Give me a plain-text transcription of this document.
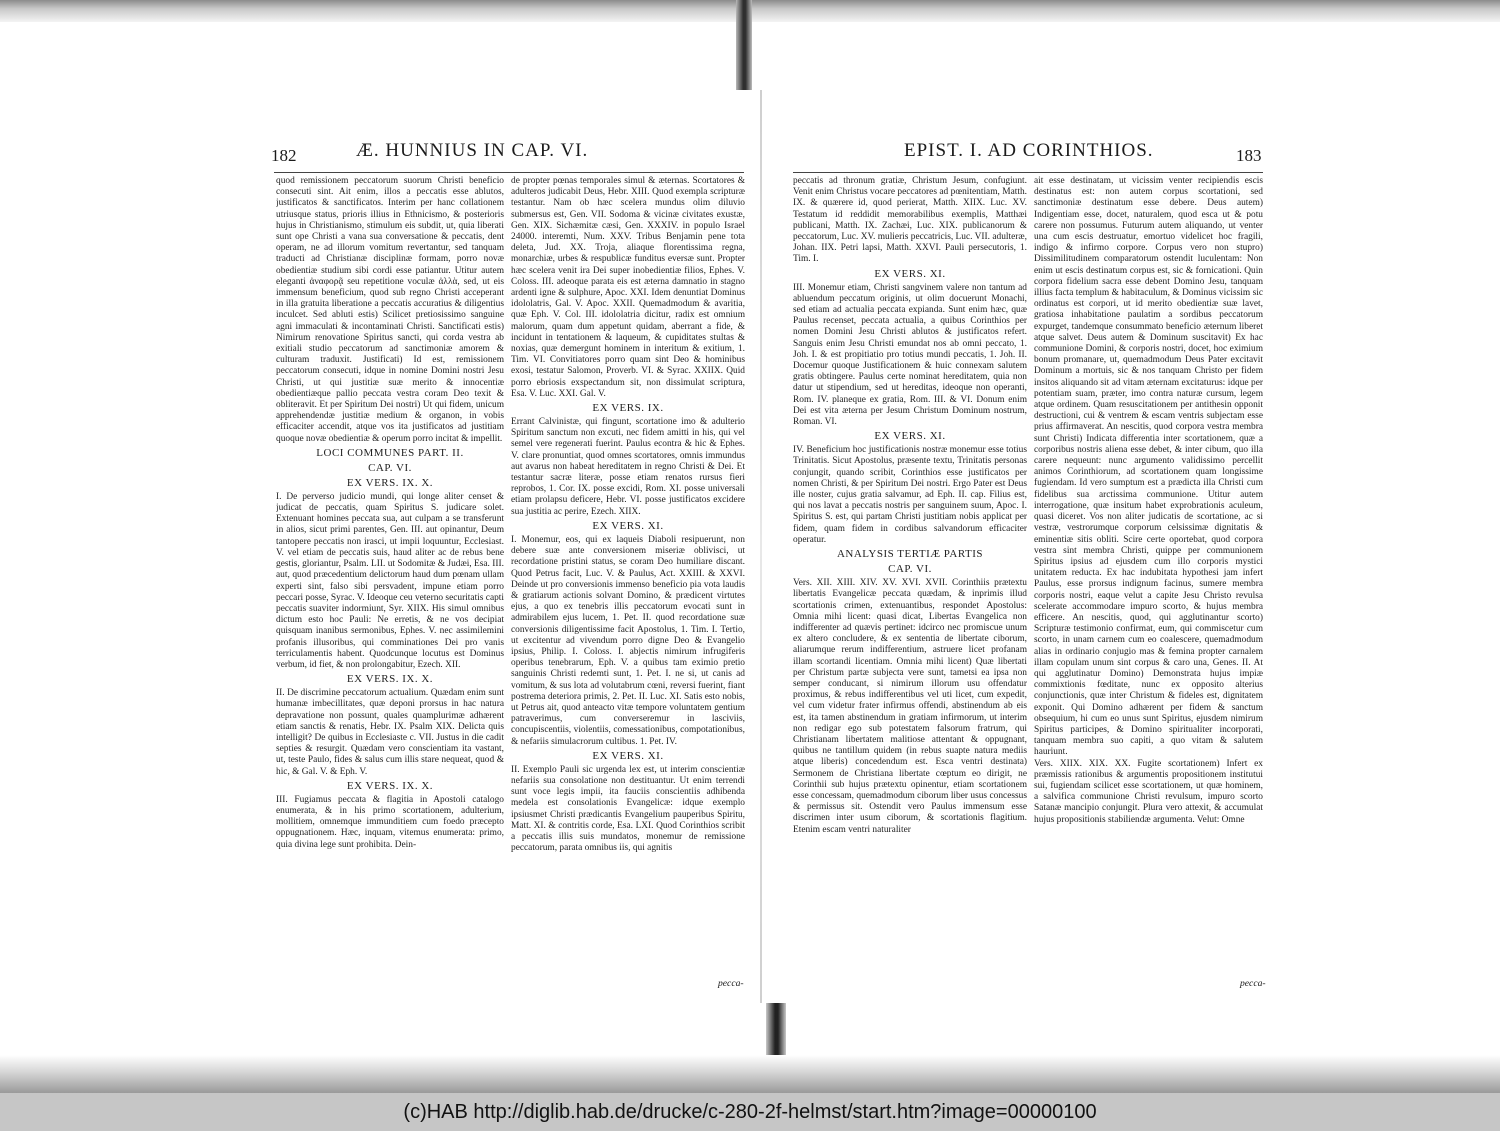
182	Æ. HUNNIUS IN CAP. VI.

quod remissionem peccatorum suorum Christi beneficio consecuti sint. Ait enim, illos a peccatis esse ablutos, justificatos & sanctificatos. Interim per hanc collationem utriusque status, prioris illius in Ethnicismo, & posterioris hujus in Christianismo, stimulum eis subdit, ut, quia liberati sunt ope Christi a vana sua conversatione & peccatis, dent operam, ne ad illorum vomitum revertantur, sed tanquam traducti ad Christianæ disciplinæ formam, porro novæ obedientiæ studium sibi cordi esse patiantur. Utitur autem eleganti ἀναφορᾷ seu repetitione voculæ ἀλλὰ, sed, ut eis immensum beneficium, quod sub regno Christi acceperant in illa gratuita liberatione a peccatis accuratius & diligentius inculcet. Sed abluti estis) Scilicet pretiosissimo sanguine agni immaculati & incontaminati Christi. Sanctificati estis) Nimirum renovatione Spiritus sancti, qui corda vestra ab exitiali studio peccatorum ad sanctimoniæ amorem & culturam traduxit. Justificati) Id est, remissionem peccatorum consecuti, idque in nomine Domini nostri Jesu Christi, ut qui justitiæ suæ merito & innocentiæ obedientiæque pallio peccata vestra coram Deo texit & obliteravit. Et per Spiritum Dei nostri) Ut qui fidem, unicum apprehendendæ justitiæ medium & organon, in vobis efficaciter accendit, atque vos ita justificatos ad justitiam quoque novæ obedientiæ & operum porro incitat & impellit.

LOCI COMMUNES PART. II.
CAP. VI.
EX VERS. IX. X.

I. De perverso judicio mundi, qui longe aliter censet & judicat de peccatis, quam Spiritus S. judicare solet. Extenuant homines peccata sua, aut culpam a se transferunt in alios, sicut primi parentes, Gen. III. aut opinantur, Deum tantopere peccatis non irasci, ut impii loquuntur, Ecclesiast. V. vel etiam de peccatis suis, haud aliter ac de rebus bene gestis, gloriantur, Psalm. LII. ut Sodomitæ & Judæi, Esa. III. aut, quod præcedentium delictorum haud dum pœnam ullam experti sint, falso sibi persvadent, impune etiam porro peccari posse, Syrac. V. Ideoque ceu veterno securitatis capti peccatis suaviter indormiunt, Syr. XIIX. His simul omnibus dictum esto hoc Pauli: Ne erretis, & ne vos decipiat quisquam inanibus sermonibus, Ephes. V. nec assimilemini profanis illusoribus, qui comminationes Dei pro vanis terriculamentis habent. Quodcunque locutus est Dominus verbum, id fiet, & non prolongabitur, Ezech. XII.

EX VERS. IX. X.

II. De discrimine peccatorum actualium. Quædam enim sunt humanæ imbecillitates, quæ deponi prorsus in hac natura depravatione non possunt, quales quamplurimæ adhærent etiam sanctis & renatis, Hebr. IX. Psalm XIX. Delicta quis intelligit? De quibus in Ecclesiaste c. VII. Justus in die cadit septies & resurgit. Quædam vero conscientiam ita vastant, ut, teste Paulo, fides & salus cum illis stare nequeat, quod & hic, & Gal. V. & Eph. V.

EX VERS. IX. X.

III. Fugiamus peccata & flagitia in Apostoli catalogo enumerata, & in his primo scortationem, adulterium, mollitiem, omnemque immunditiem cum foedo præcepto oppugnationem. Hæc, inquam, vitemus enumerata: primo, quia divina lege sunt prohibita. Dein-

de propter pœnas temporales simul & æternas. Scortatores & adulteros judicabit Deus, Hebr. XIII. Quod exempla scripturæ testantur. Nam ob hæc scelera mundus olim diluvio submersus est, Gen. VII. Sodoma & vicinæ civitates exustæ, Gen. XIX. Sichæmitæ cæsi, Gen. XXXIV. in populo Israel 24000. interemti, Num. XXV. Tribus Benjamin pene tota deleta, Jud. XX. Troja, aliaque florentissima regna, monarchiæ, urbes & respublicæ funditus eversæ sunt. Propter hæc scelera venit ira Dei super inobedientiæ filios, Ephes. V. Coloss. III. adeoque parata eis est æterna damnatio in stagno ardenti igne & sulphure, Apoc. XXI. Idem denuntiat Dominus idololatris, Gal. V. Apoc. XXII. Quemadmodum & avaritia, quæ Eph. V. Col. III. idololatria dicitur, radix est omnium malorum, quam dum appetunt quidam, aberrant a fide, & incidunt in tentationem & laqueum, & cupiditates stultas & noxias, quæ demergunt hominem in interitum & exitium, 1. Tim. VI. Convitiatores porro quam sint Deo & hominibus exosi, testatur Salomon, Proverb. VI. & Syrac. XXIIX. Quid porro ebriosis exspectandum sit, non dissimulat scriptura, Esa. V. Luc. XXI. Gal. V.

EX VERS. IX.

Errant Calvinistæ, qui fingunt, scortatione imo & adulterio Spiritum sanctum non excuti, nec fidem amitti in his, qui vel semel vere regenerati fuerint. Paulus econtra & hic & Ephes. V. clare pronuntiat, quod omnes scortatores, omnis immundus aut avarus non habeat hereditatem in regno Christi & Dei. Et testantur sacræ literæ, posse etiam renatos rursus fieri reprobos, 1. Cor. IX. posse excidi, Rom. XI. posse universali etiam prolapsu deficere, Hebr. VI. posse justificatos excidere sua justitia ac perire, Ezech. XIIX.

EX VERS. XI.

I. Monemur, eos, qui ex laqueis Diaboli resipuerunt, non debere suæ ante conversionem miseriæ oblivisci, ut recordatione pristini status, se coram Deo humiliare discant. Quod Petrus facit, Luc. V. & Paulus, Act. XXIII. & XXVI. Deinde ut pro conversionis immenso beneficio pia vota laudis & gratiarum actionis solvant Domino, & prædicent virtutes ejus, a quo ex tenebris illis peccatorum evocati sunt in admirabilem ejus lucem, 1. Pet. II. quod recordatione suæ conversionis diligentissime facit Apostolus, 1. Tim. I. Tertio, ut excitentur ad vivendum porro digne Deo & Evangelio ipsius, Philip. I. Coloss. I. abjectis nimirum infrugiferis operibus tenebrarum, Eph. V. a quibus tam eximio pretio sanguinis Christi redemti sunt, 1. Pet. I. ne si, ut canis ad vomitum, & sus lota ad volutabrum cœni, reversi fuerint, fiant postrema deteriora primis, 2. Pet. II. Luc. XI. Satis esto nobis, ut Petrus ait, quod anteacto vitæ tempore voluntatem gentium patraverimus, cum converseremur in lasciviis, concupiscentiis, violentiis, comessationibus, compotationibus, & nefariis simulacrorum cultibus. 1. Pet. IV.

EX VERS. XI.

II. Exemplo Pauli sic urgenda lex est, ut interim conscientiæ nefariis sua consolatione non destituantur. Ut enim terrendi sunt voce legis impii, ita fauciis conscientiis adhibenda medela est consolationis Evangelicæ: idque exemplo ipsiusmet Christi prædicantis Evangelium pauperibus Spiritu, Matt. XI. & contritis corde, Esa. LXI. Quod Corinthios scribit a peccatis illis suis mundatos, monemur de remissione peccatorum, parata omnibus iis, qui agnitis

pecca-
EPIST. I. AD CORINTHIOS.	183

peccatis ad thronum gratiæ, Christum Jesum, confugiunt. Venit enim Christus vocare peccatores ad pœnitentiam, Matth. IX. & quærere id, quod perierat, Matth. XIIX. Luc. XV. Testatum id reddidit memorabilibus exemplis, Matthæi publicani, Matth. IX. Zachæi, Luc. XIX. publicanorum & peccatorum, Luc. XV. mulieris peccatricis, Luc. VII. adulteræ, Johan. IIX. Petri lapsi, Matth. XXVI. Pauli persecutoris, 1. Tim. I.

EX VERS. XI.

III. Monemur etiam, Christi sangvinem valere non tantum ad abluendum peccatum originis, ut olim docuerunt Monachi, sed etiam ad actualia peccata expianda. Sunt enim hæc, quæ Paulus recenset, peccata actualia, a quibus Corinthios per nomen Domini Jesu Christi ablutos & justificatos refert. Sanguis enim Jesu Christi emundat nos ab omni peccato, 1. Joh. I. & est propitiatio pro totius mundi peccatis, 1. Joh. II. Docemur quoque Justificationem & huic connexam salutem gratis obtingere. Paulus certe nominat hereditatem, quia non datur ut stipendium, sed ut hereditas, ideoque non operanti, Rom. IV. planeque ex gratia, Rom. III. & VI. Donum enim Dei est vita æterna per Jesum Christum Dominum nostrum, Roman. VI.

EX VERS. XI.

IV. Beneficium hoc justificationis nostræ monemur esse totius Trinitatis. Sicut Apostolus, præsente textu, Trinitatis personas conjungit, quando scribit, Corinthios esse justificatos per nomen Christi, & per Spiritum Dei nostri. Ergo Pater est Deus ille noster, cujus gratia salvamur, ad Eph. II. cap. Filius est, qui nos lavat a peccatis nostris per sanguinem suum, Apoc. I. Spiritus S. est, qui partam Christi justitiam nobis applicat per fidem, quam fidem in cordibus salvandorum efficaciter operatur.

ANALYSIS TERTIÆ PARTIS
CAP. VI.

Vers. XII. XIII. XIV. XV. XVI. XVII. Corinthiis prætextu libertatis Evangelicæ peccata quædam, & inprimis illud scortationis crimen, extenuantibus, respondet Apostolus: Omnia mihi licent: quasi dicat, Libertas Evangelica non indifferenter ad quævis pertinet: idcirco nec promiscue unum ex altero concludere, & ex sententia de libertate ciborum, aliarumque rerum indifferentium, astruere licet profanam illam scortandi licentiam. Omnia mihi licent) Quæ libertati per Christum partæ subjecta vere sunt, tametsi ea ipsa non semper conducant, si nimirum illorum usu offendatur proximus, & rebus indifferentibus vel uti licet, cum expedit, vel cum videtur frater infirmus offendi, abstinendum ab eis est, ita tamen abstinendum in gratiam infirmorum, ut interim non redigar ego sub potestatem falsorum fratrum, qui Christianam libertatem malitiose attentant & oppugnant, quibus ne tantillum quidem (in rebus suapte natura mediis atque liberis) concedendum est. Esca ventri destinata) Sermonem de Christiana libertate cœptum eo dirigit, ne Corinthii sub hujus prætextu opinentur, etiam scortationem esse concessam, quemadmodum ciborum liber usus concessus & permissus sit. Ostendit vero Paulus immensum esse discrimen inter usum ciborum, & scortationis flagitium. Etenim escam ventri naturaliter

ait esse destinatam, ut vicissim venter recipiendis escis destinatus est: non autem corpus scortationi, sed sanctimoniæ destinatum esse debere. Deus autem) Indigentiam esse, docet, naturalem, quod esca ut & potu carere non possumus. Futurum autem aliquando, ut venter una cum escis destruatur, emortuo videlicet hoc fragili, indigo & infirmo corpore. Corpus vero non stupro) Dissimilitudinem comparatorum ostendit luculentam: Non enim ut escis destinatum corpus est, sic & fornicationi. Quin corpora fidelium sacra esse debent Domino Jesu, tanquam illius facta templum & habitaculum, & Dominus vicissim sic ordinatus est corpori, ut id merito obedientiæ suæ lavet, gratiosa inhabitatione paulatim a sordibus peccatorum expurget, tandemque consummato beneficio æternum liberet atque salvet. Deus autem & Dominum suscitavit) Ex hac communione Domini, & corporis nostri, docet, hoc eximium bonum promanare, ut, quemadmodum Deus Pater excitavit Dominum a mortuis, sic & nos tanquam Christo per fidem insitos aliquando sit ad vitam æternam excitaturus: idque per potentiam suam, præter, imo contra naturæ cursum, legem atque ordinem. Quam resuscitationem per antithesin opponit destructioni, cui & ventrem & escam ventris subjectam esse prius affirmaverat. An nescitis, quod corpora vestra membra sunt Christi) Indicata differentia inter scortationem, quæ a corporibus nostris aliena esse debet, & inter cibum, quo illa carere nequeunt: nunc argumento validissimo percellit animos Corinthiorum, ad scortationem quam longissime fugiendam. Id vero sumptum est a prædicta illa Christi cum fidelibus sua arctissima communione. Utitur autem interrogatione, quæ insitum habet exprobrationis aculeum, quasi diceret. Vos non aliter judicatis de scortatione, ac si vestræ, vestrorumque corporum celsissimæ dignitatis & eminentiæ sitis obliti. Scire certe oportebat, quod corpora vestra sint membra Christi, quippe per communionem Spiritus ipsius ad ejusdem cum illo corporis mystici unitatem reducta. Ex hac indubitata hypothesi jam infert Paulus, esse prorsus indignum facinus, sumere membra corporis nostri, eaque velut a capite Jesu Christo revulsa scelerate accommodare impuro scorto, & hujus membra efficere. An nescitis, quod, qui agglutinantur scorto) Scripturæ testimonio confirmat, eum, qui commiscetur cum scorto, in unam carnem cum eo coalescere, quemadmodum alias in ordinario conjugio mas & femina propter carnalem illam copulam unum sint corpus & caro una, Genes. II. At qui agglutinatur Domino) Demonstrata hujus impiæ commixtionis fœditate, nunc ex opposito alterius conjunctionis, quæ inter Christum & fideles est, dignitatem exponit. Qui Domino adhærent per fidem & sanctum obsequium, hi cum eo unus sunt Spiritus, ejusdem nimirum Spiritus participes, & Domino spiritualiter incorporati, tanquam membra suo capiti, a quo vitam & salutem hauriunt.

Vers. XIIX. XIX. XX. Fugite scortationem) Infert ex præmissis rationibus & argumentis propositionem institutui sui, fugiendam scilicet esse scortationem, ut quæ hominem, a salvifica communione Christi revulsum, impuro scorto Satanæ mancipio conjungit. Plura vero attexit, & accumulat hujus propositionis stabiliendæ argumenta. Velut: Omne

pecca-
(c)HAB http://diglib.hab.de/drucke/c-280-2f-helmst/start.htm?image=00000100
